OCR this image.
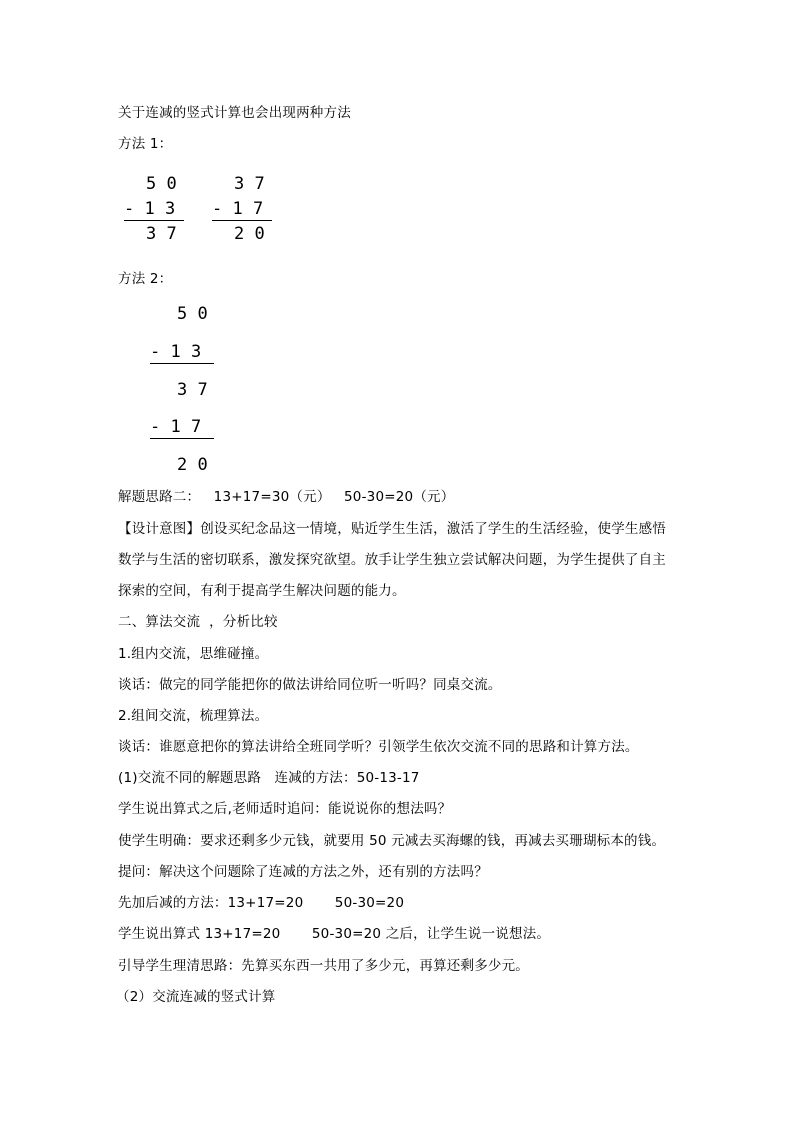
关于连减的竖式计算也会出现两种方法
方法 1：
5 0
- 1 3
3 7
3 7
- 1 7
2 0
方法 2：
5 0
- 1 3
3 7
- 1 7
2 0
解题思路二：   13+17=30（元）   50-30=20（元）
【设计意图】创设买纪念品这一情境，贴近学生生活，激活了学生的生活经验，使学生感悟
数学与生活的密切联系，激发探究欲望。放手让学生独立尝试解决问题，为学生提供了自主
探索的空间，有利于提高学生解决问题的能力。
二、算法交流  ，分析比较
1.组内交流，思维碰撞。
谈话：做完的同学能把你的做法讲给同位听一听吗？同桌交流。
2.组间交流，梳理算法。
谈话：谁愿意把你的算法讲给全班同学听？引领学生依次交流不同的思路和计算方法。
(1)交流不同的解题思路   连减的方法：50-13-17
学生说出算式之后,老师适时追问：能说说你的想法吗？
使学生明确：要求还剩多少元钱，就要用 50 元减去买海螺的钱，再减去买珊瑚标本的钱。
提问：解决这个问题除了连减的方法之外，还有别的方法吗？
先加后减的方法：13+17=20       50-30=20
学生说出算式 13+17=20       50-30=20 之后，让学生说一说想法。
引导学生理清思路：先算买东西一共用了多少元，再算还剩多少元。
（2）交流连减的竖式计算
